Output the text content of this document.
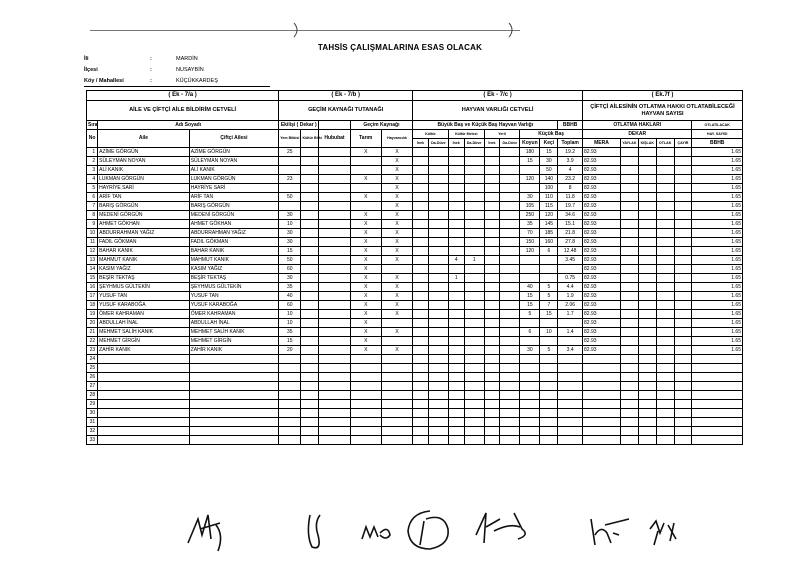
TAHSİS ÇALIŞMALARINA ESAS OLACAK
İli	:	MARDİN
İlçesi	:	NUSAYBİN
Köy / Mahallesi	:	KÜÇÜKKARDEŞ
( Ek - 7/a )			( Ek - 7/b )					( Ek - 7/c )									( Ek.7f )					
AİLE VE ÇİFTÇİ AİLE BİLDİRİM CETVELİ			GEÇİM KAYNAĞI TUTANAĞI					HAYVAN VARLIĞI CETVELİ									ÇİFTÇİ AİLESİNİN OTLATMA HAKKI OTLATABİLECEĞİ HAYVAN SAYISI					
Sıra	Adı Soyadı		Ekilişi ( Dekar )			Geçim Kaynağı		Büyük Baş ve Küçük Baş Hayvan Varlığı								BBHB	OTLATMA HAKLARI					OTLATILACAK
No	Aile	Çiftçi Ailesi	Yem Bitkisi	Kültür Bitki	Hububat	Tarım	Hayvancılık	Kültür		Kültür Melezi		Yerli		Küçük Baş			DEKAR					HAY. SAYISI
								İnek	Da-Düve	İnek	Da-Düve	İnek	Da-Düve	Koyun	Keçi	Toplam	MERA	YAYLAK	KIŞLAK	OTLAK	ÇAYIR	BBHB
1	AZİME GÖRGÜN	AZİME GÖRGÜN	25			X	X							180	15	19.2	82.93					1.65
2	SÜLEYMAN NOYAN	SÜLEYMAN NOYAN					X							15	30	3.9	82.93					1.65
3	ALİ KANIK	ALİ KANIK					X								50	4	82.93					1.65
4	LUKMAN GÖRGÜN	LUKMAN GÖRGÜN	23			X	X							120	140	23.2	82.93					1.65
5	HAYRİYE SARİ	HAYRİYE SARİ					X								100	8	82.93					1.65
6	ARİF TAN	ARİF TAN	50			X	X							30	110	11.8	82.93					1.65
7	BARIŞ GÖRGÜN	BARIŞ GÖRGÜN					X							105	115	19.7	82.93					1.65
8	MEDENİ GÖRGÜN	MEDENİ GÖRGÜN	30			X	X							250	120	34.6	82.93					1.65
9	AHMET GÖKHAN	AHMET GÖKHAN	10			X	X							35	145	15.1	82.93					1.65
10	ABDURRAHMAN YAĞIZ	ABDURRAHMAN YAĞIZ	30			X	X							70	185	21.8	82.93					1.65
11	FADIL GÖKMAN	FADIL GÖKMAN	30			X	X							150	160	27.8	82.93					1.65
12	BAHAR KANIK	BAHAR KANIK	15			X	X							120	6	12.48	82.93					1.65
13	MAHMUT KANIK	MAHMUT KANIK	50			X	X			4	1					3.45	82.93					1.65
14	KASIM YAĞIZ	KASIM YAĞIZ	60			X											82.93					1.65
15	BEŞİR TEKTAŞ	BEŞİR TEKTAŞ	30			X	X			1						0.75	82.93					1.65
16	ŞEYHMUS GÜLTEKİN	ŞEYHMUS GÜLTEKİN	35			X	X							40	5	4.4	82.93					1.65
17	YUSUF TAN	YUSUF TAN	40			X	X							15	5	1.9	82.93					1.65
18	YUSUF KARABOĞA	YUSUF KARABOĞA	60			X	X							15	7	2.06	82.93					1.65
19	ÖMER KAHRAMAN	ÖMER KAHRAMAN	10			X	X							5	15	1.7	82.93					1.65
20	ABDULLAH İNAL	ABDULLAH İNAL	10			X											82.93					1.65
21	MEHMET SALİH KANIK	MEHMET SALİH KANIK	35			X	X							6	10	1.4	82.93					1.65
22	MEHMET GİRGİN	MEHMET GİRGİN	15			X											82.93					1.65
23	ZAHİR KANIK	ZAHİR KANIK	20			X	X							30	5	3.4	82.93					1.65
24																						
25																						
26																						
27																						
28																						
29																						
30																						
31																						
32																						
33																						
